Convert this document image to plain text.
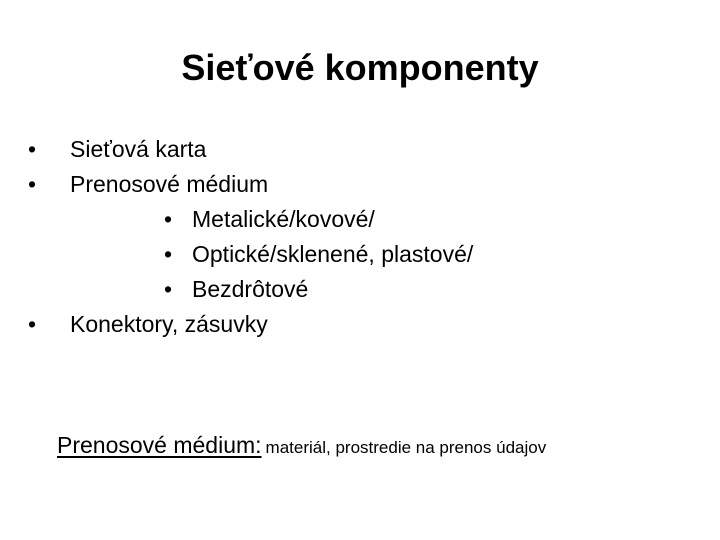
Sieťové komponenty
•	Sieťová karta
•	Prenosové médium
• Metalické/kovové/
• Optické/sklenené, plastové/
• Bezdrôtové
•	Konektory, zásuvky
Prenosové médium: materiál, prostredie na prenos údajov
